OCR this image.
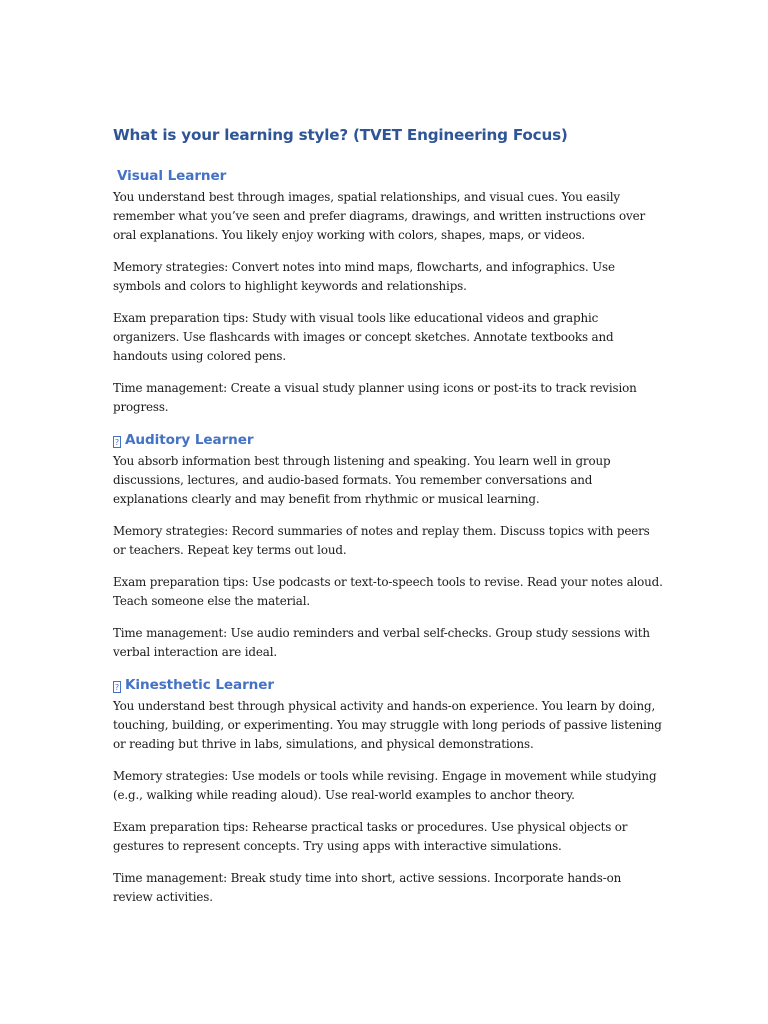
What is your learning style? (TVET Engineering Focus)
Visual Learner

You understand best through images, spatial relationships, and visual cues. You easily remember what you’ve seen and prefer diagrams, drawings, and written instructions over oral explanations. You likely enjoy working with colors, shapes, maps, or videos.

Memory strategies: Convert notes into mind maps, flowcharts, and infographics. Use symbols and colors to highlight keywords and relationships.

Exam preparation tips: Study with visual tools like educational videos and graphic organizers. Use flashcards with images or concept sketches. Annotate textbooks and handouts using colored pens.

Time management: Create a visual study planner using icons or post-its to track revision progress.

? Auditory Learner

You absorb information best through listening and speaking. You learn well in group discussions, lectures, and audio-based formats. You remember conversations and explanations clearly and may benefit from rhythmic or musical learning.

Memory strategies: Record summaries of notes and replay them. Discuss topics with peers or teachers. Repeat key terms out loud.

Exam preparation tips: Use podcasts or text-to-speech tools to revise. Read your notes aloud. Teach someone else the material.

Time management: Use audio reminders and verbal self-checks. Group study sessions with verbal interaction are ideal.

? Kinesthetic Learner

You understand best through physical activity and hands-on experience. You learn by doing, touching, building, or experimenting. You may struggle with long periods of passive listening or reading but thrive in labs, simulations, and physical demonstrations.

Memory strategies: Use models or tools while revising. Engage in movement while studying (e.g., walking while reading aloud). Use real-world examples to anchor theory.

Exam preparation tips: Rehearse practical tasks or procedures. Use physical objects or gestures to represent concepts. Try using apps with interactive simulations.

Time management: Break study time into short, active sessions. Incorporate hands-on review activities.
